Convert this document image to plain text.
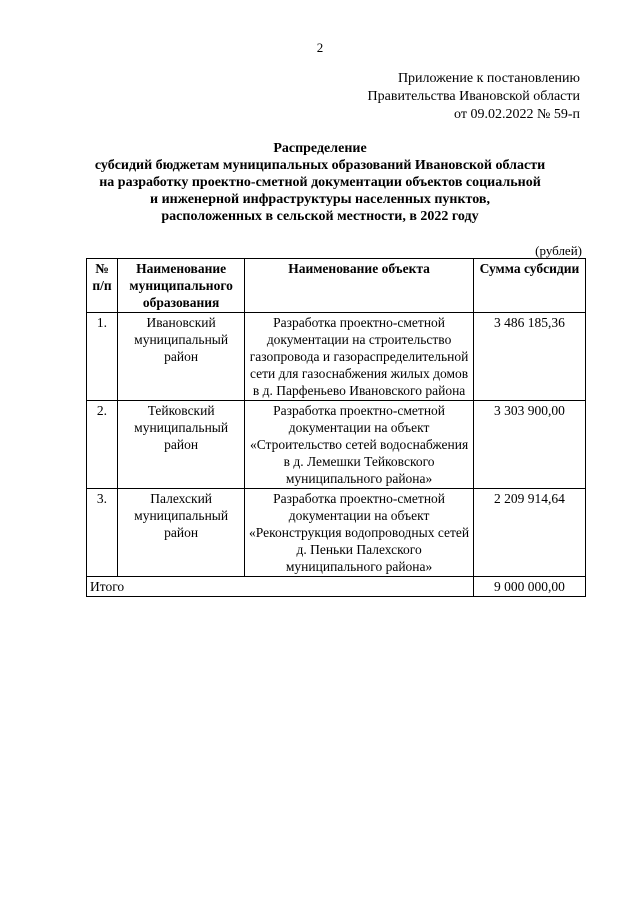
2
Приложение к постановлению
Правительства Ивановской области
от 09.02.2022 № 59-п
Распределение
субсидий бюджетам муниципальных образований Ивановской области
на разработку проектно-сметной документации объектов социальной
и инженерной инфраструктуры населенных пунктов,
расположенных в сельской местности, в 2022 году
(рублей)
№ п/п	Наименование муниципального образования	Наименование объекта	Сумма субсидии
1.	Ивановский муниципальный район	Разработка проектно-сметной документации на строительство газопровода и газораспределительной сети для газоснабжения жилых домов в д. Парфеньево Ивановского района	3 486 185,36
2.	Тейковский муниципальный район	Разработка проектно-сметной документации на объект «Строительство сетей водоснабжения в д. Лемешки Тейковского муниципального района»	3 303 900,00
3.	Палехский муниципальный район	Разработка проектно-сметной документации на объект «Реконструкция водопроводных сетей д. Пеньки Палехского муниципального района»	2 209 914,64
Итого			9 000 000,00
